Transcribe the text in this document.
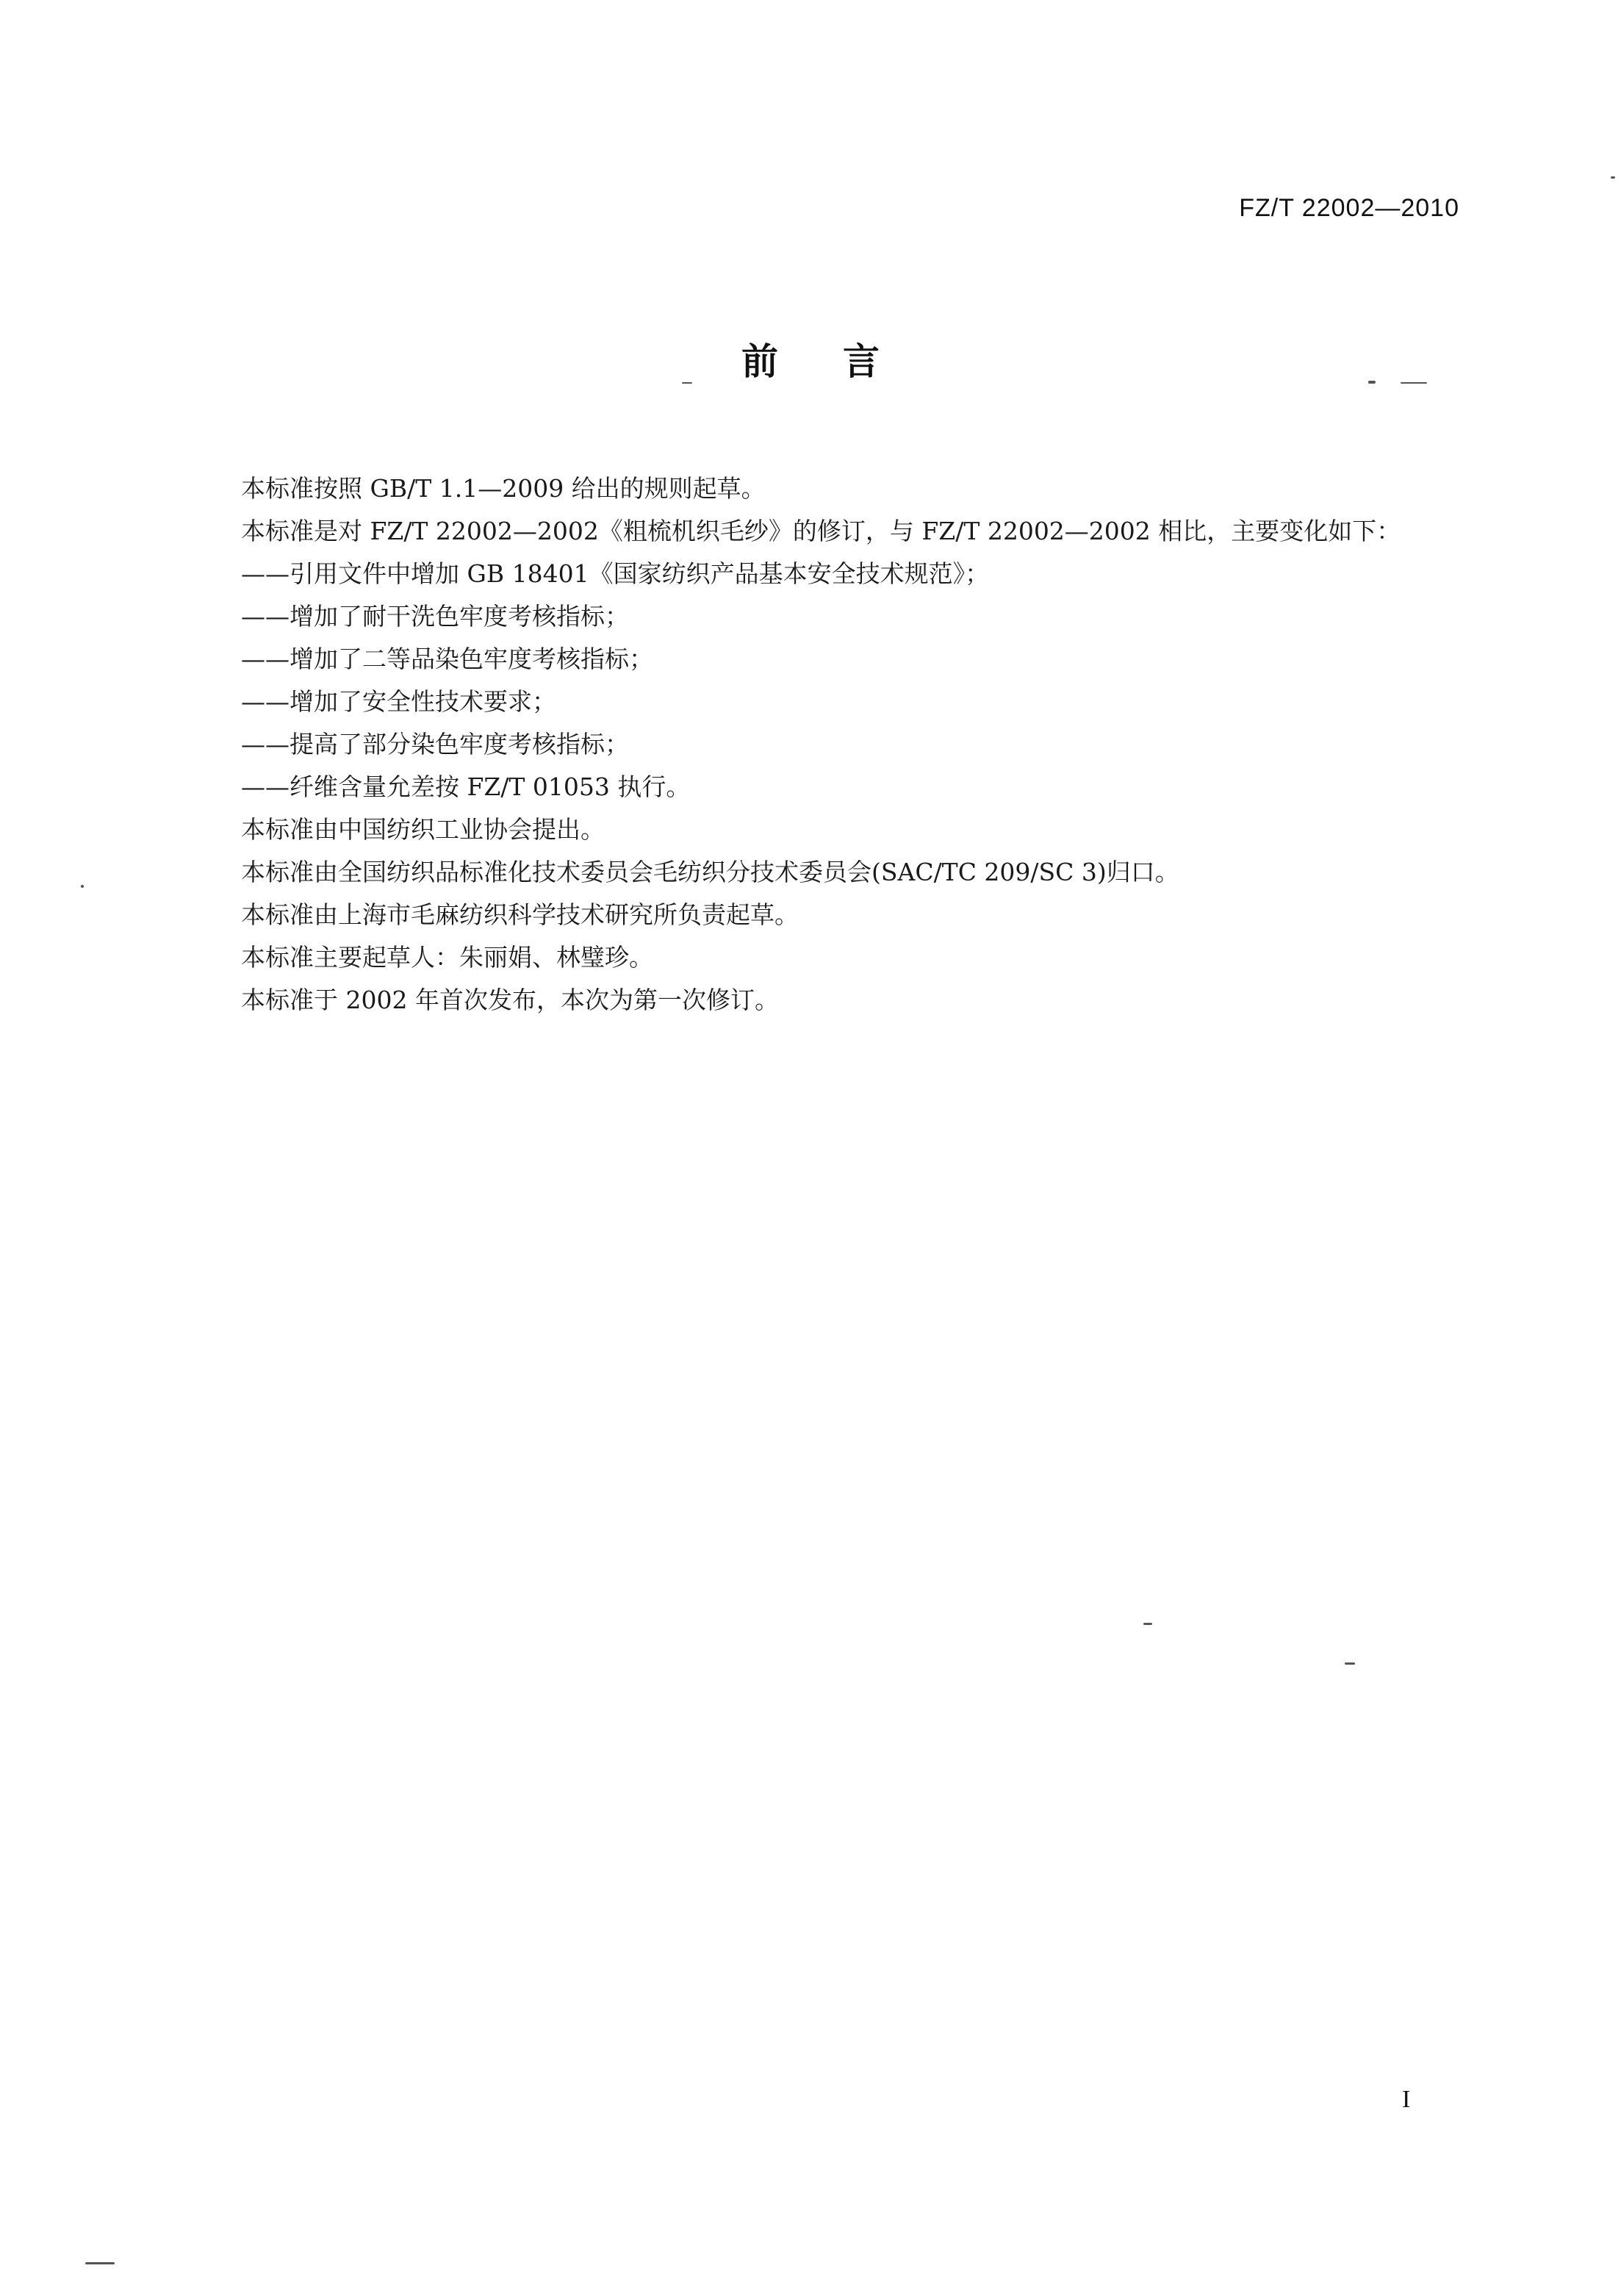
FZ/T 22002—2010
前言

本标准按照 GB/T 1.1—2009 给出的规则起草。

本标准是对 FZ/T 22002—2002《粗梳机织毛纱》的修订，与 FZ/T 22002—2002 相比，主要变化如下：

——引用文件中增加 GB 18401《国家纺织产品基本安全技术规范》；

——增加了耐干洗色牢度考核指标；

——增加了二等品染色牢度考核指标；

——增加了安全性技术要求；

——提高了部分染色牢度考核指标；

——纤维含量允差按 FZ/T 01053 执行。

本标准由中国纺织工业协会提出。

本标准由全国纺织品标准化技术委员会毛纺织分技术委员会(SAC/TC 209/SC 3)归口。

本标准由上海市毛麻纺织科学技术研究所负责起草。

本标准主要起草人：朱丽娟、林璧珍。

本标准于 2002 年首次发布，本次为第一次修订。

I
